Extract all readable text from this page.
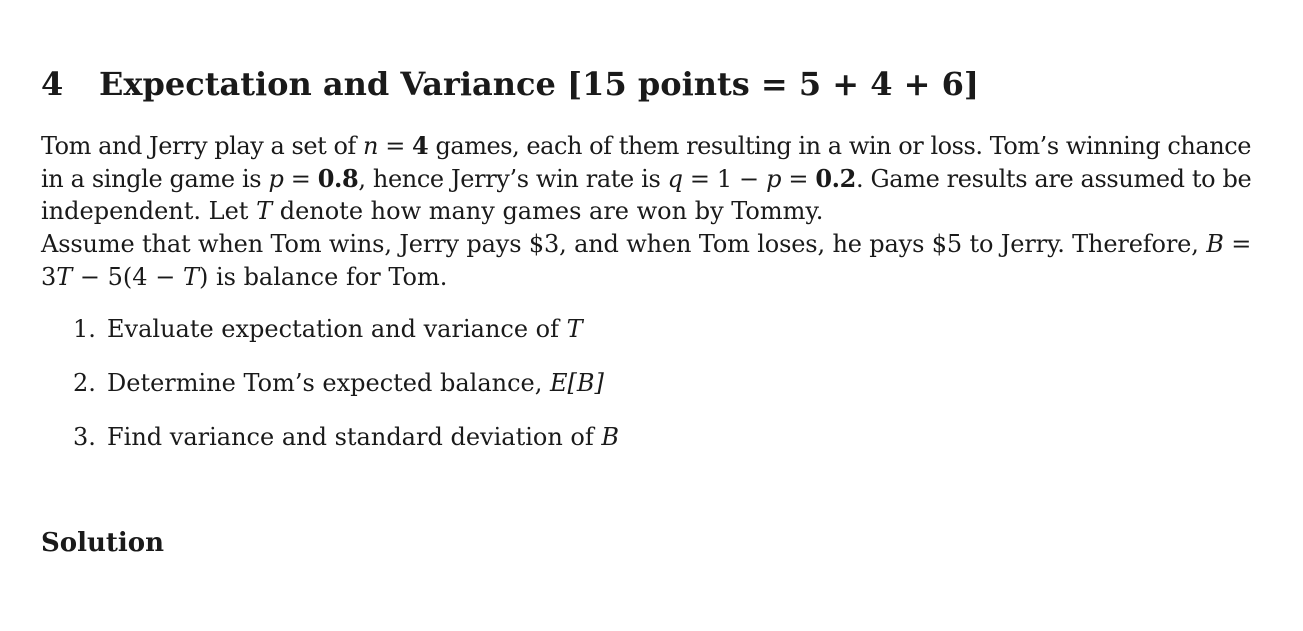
4 Expectation and Variance [15 points = 5 + 4 + 6]
Tom and Jerry play a set of n = 4 games, each of them resulting in a win or loss. Tom’s winning chance
in a single game is p = 0.8, hence Jerry’s win rate is q = 1 − p = 0.2. Game results are assumed to be
independent. Let T denote how many games are won by Tommy.
Assume that when Tom wins, Jerry pays $3, and when Tom loses, he pays $5 to Jerry. Therefore, B =
3T − 5(4 − T) is balance for Tom.
1. Evaluate expectation and variance of T
2. Determine Tom’s expected balance, E[B]
3. Find variance and standard deviation of B
Solution
